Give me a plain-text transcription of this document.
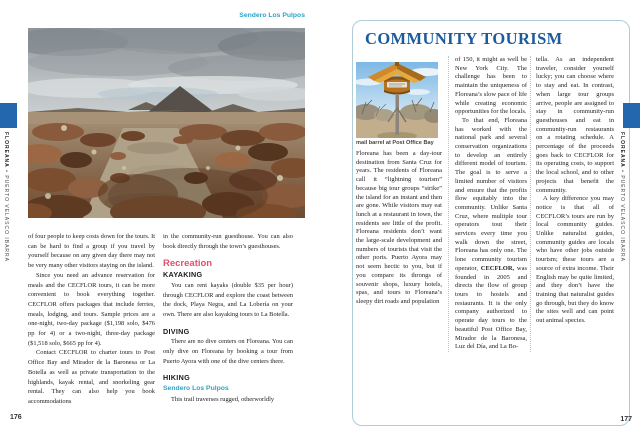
Sendero Los Pulpos

of four people to keep costs down for the tours. It can be hard to find a group if you travel by yourself because on any given day there may not be very many other visitors staying on the island.

Since you need an advance reservation for meals and the CECFLOR tours, it can be more convenient to book everything together. CECFLOR offers packages that include ferries, meals, lodging, and tours. Sample prices are a one-night, two-day package ($1,198 solo, $476 pp for 4) or a two-night, three-day package ($1,518 solo, $665 pp for 4).

Contact CECFLOR to charter tours to Post Office Bay and Mirador de la Baronesa or La Botella as well as private transportation to the highlands, kayak rental, and snorkeling gear rental. They can also help you book accommodations

in the community-run guesthouse. You can also book directly through the town’s guesthouses.

Recreation

KAYAKING

You can rent kayaks (double $35 per hour) through CECFLOR and explore the coast between the dock, Playa Negra, and La Lobería on your own. There are also kayaking tours to La Botella.

DIVING

There are no dive centers on Floreana. You can only dive on Floreana by booking a tour from Puerto Ayora with one of the dive centers there.

HIKING

Sendero Los Pulpos

This trail traverses rugged, otherworldly

176
FLOREANA • PUERTO VELASCO IBARRA
COMMUNITY TOURISM
mail barrel at Post Office Bay

Floreana has been a day-tour destination from Santa Cruz for years. The residents of Floreana call it “lightning tourism” because big tour groups “strike” the island for an instant and then are gone. While visitors may eat lunch at a restaurant in town, the residents see little of the profit. Floreana residents don’t want the large-scale development and numbers of tourists that visit the other ports. Puerto Ayora may not seem hectic to you, but if you compare its throngs of souvenir shops, luxury hotels, spas, and tours to Floreana’s sleepy dirt roads and population

of 150, it might as well be New York City. The challenge has been to maintain the uniqueness of Floreana’s slow pace of life while creating economic opportunities for the locals.

To that end, Floreana has worked with the national park and several conservation organizations to develop an entirely different model of tourism. The goal is to serve a limited number of visitors and ensure that the profits flow equitably into the community. Unlike Santa Cruz, where multiple tour operators tout their services every time you walk down the street, Floreana has only one. The lone community tourism operator, CECFLOR, was founded in 2005 and directs the flow of group tours to hostels and restaurants. It is the only company authorized to operate day tours to the beautiful Post Office Bay, Mirador de la Baronesa, Luz del Día, and La Bo-

tella. As an independent traveler, consider yourself lucky; you can choose where to stay and eat. In contrast, when large tour groups arrive, people are assigned to stay in community-run guesthouses and eat in community-run restaurants on a rotating schedule. A percentage of the proceeds goes back to CECFLOR for its operating costs, to support the local school, and to other projects that benefit the community.

A key difference you may notice is that all of CECFLOR’s tours are run by local community guides. Unlike naturalist guides, community guides are locals who have other jobs outside tourism; these tours are a source of extra income. Their English may be quite limited, and they don’t have the training that naturalist guides go through, but they do know the sites well and can point out animal species.

177
FLOREANA • PUERTO VELASCO IBARRA
